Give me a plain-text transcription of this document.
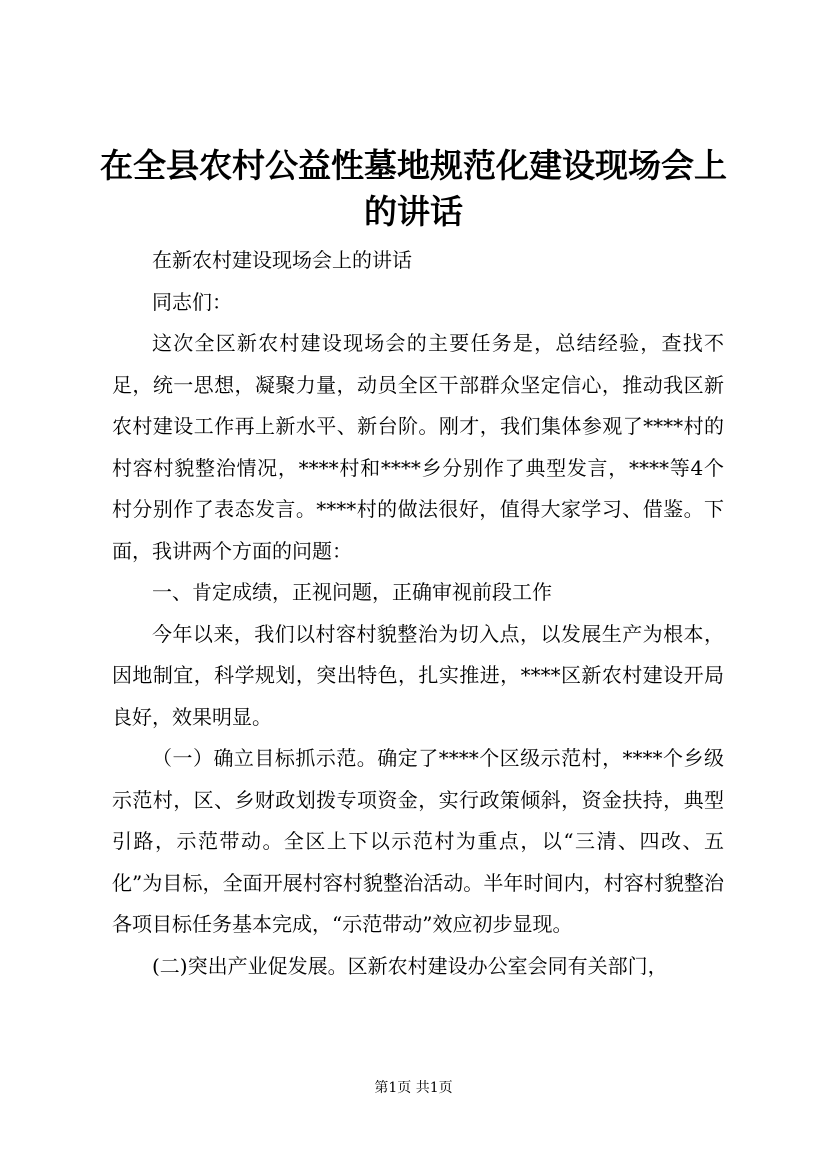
在全县农村公益性墓地规范化建设现场会上的讲话

在新农村建设现场会上的讲话

同志们：

这次全区新农村建设现场会的主要任务是，总结经验，查找不足，统一思想，凝聚力量，动员全区干部群众坚定信心，推动我区新农村建设工作再上新水平、新台阶。刚才，我们集体参观了****村的村容村貌整治情况，****村和****乡分别作了典型发言，****等4个村分别作了表态发言。****村的做法很好，值得大家学习、借鉴。下面，我讲两个方面的问题：

一、肯定成绩，正视问题，正确审视前段工作

今年以来，我们以村容村貌整治为切入点，以发展生产为根本，因地制宜，科学规划，突出特色，扎实推进，****区新农村建设开局良好，效果明显。

（一）确立目标抓示范。确定了****个区级示范村，****个乡级示范村，区、乡财政划拨专项资金，实行政策倾斜，资金扶持，典型引路，示范带动。全区上下以示范村为重点，以“三清、四改、五化”为目标，全面开展村容村貌整治活动。半年时间内，村容村貌整治各项目标任务基本完成，“示范带动”效应初步显现。

(二)突出产业促发展。区新农村建设办公室会同有关部门，

第1页 共1页
